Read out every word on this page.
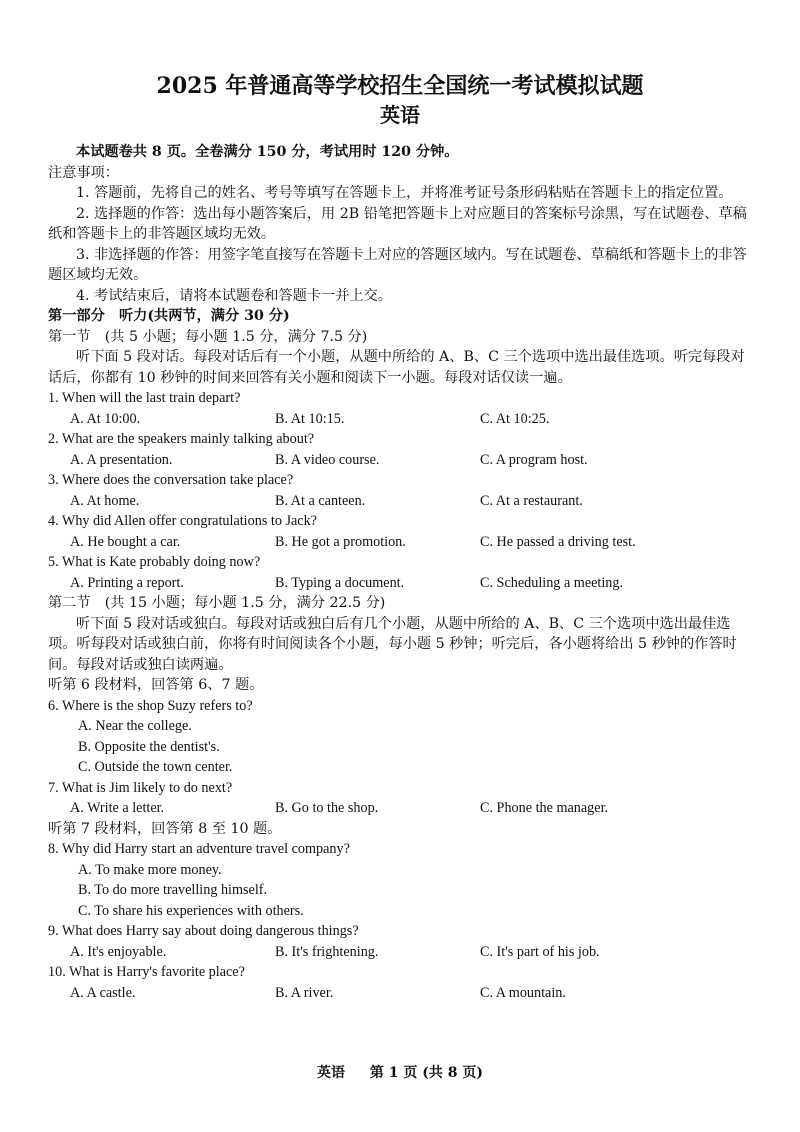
2025 年普通高等学校招生全国统一考试模拟试题
英语
本试题卷共 8 页。全卷满分 150 分，考试用时 120 分钟。
注意事项：
1. 答题前，先将自己的姓名、考号等填写在答题卡上，并将准考证号条形码粘贴在答题卡上的指定位置。
2. 选择题的作答：选出每小题答案后，用 2B 铅笔把答题卡上对应题目的答案标号涂黑，写在试题卷、草稿纸和答题卡上的非答题区域均无效。
3. 非选择题的作答：用签字笔直接写在答题卡上对应的答题区域内。写在试题卷、草稿纸和答题卡上的非答题区域均无效。
4. 考试结束后，请将本试题卷和答题卡一并上交。
第一部分　听力(共两节，满分 30 分)
第一节　(共 5 小题；每小题 1.5 分，满分 7.5 分)
听下面 5 段对话。每段对话后有一个小题，从题中所给的 A、B、C 三个选项中选出最佳选项。听完每段对话后，你都有 10 秒钟的时间来回答有关小题和阅读下一小题。每段对话仅读一遍。
1. When will the last train depart?
A. At 10:00.	B. At 10:15.	C. At 10:25.
2. What are the speakers mainly talking about?
A. A presentation.	B. A video course.	C. A program host.
3. Where does the conversation take place?
A. At home.	B. At a canteen.	C. At a restaurant.
4. Why did Allen offer congratulations to Jack?
A. He bought a car.	B. He got a promotion.	C. He passed a driving test.
5. What is Kate probably doing now?
A. Printing a report.	B. Typing a document.	C. Scheduling a meeting.
第二节　(共 15 小题；每小题 1.5 分，满分 22.5 分)
听下面 5 段对话或独白。每段对话或独白后有几个小题，从题中所给的 A、B、C 三个选项中选出最佳选项。听每段对话或独白前，你将有时间阅读各个小题，每小题 5 秒钟；听完后，各小题将给出 5 秒钟的作答时间。每段对话或独白读两遍。
听第 6 段材料，回答第 6、7 题。
6. Where is the shop Suzy refers to?
A. Near the college.
B. Opposite the dentist's.
C. Outside the town center.
7. What is Jim likely to do next?
A. Write a letter.	B. Go to the shop.	C. Phone the manager.
听第 7 段材料，回答第 8 至 10 题。
8. Why did Harry start an adventure travel company?
A. To make more money.
B. To do more travelling himself.
C. To share his experiences with others.
9. What does Harry say about doing dangerous things?
A. It's enjoyable.	B. It's frightening.	C. It's part of his job.
10. What is Harry's favorite place?
A. A castle.	B. A river.	C. A mountain.
英语 第 1 页 (共 8 页)
